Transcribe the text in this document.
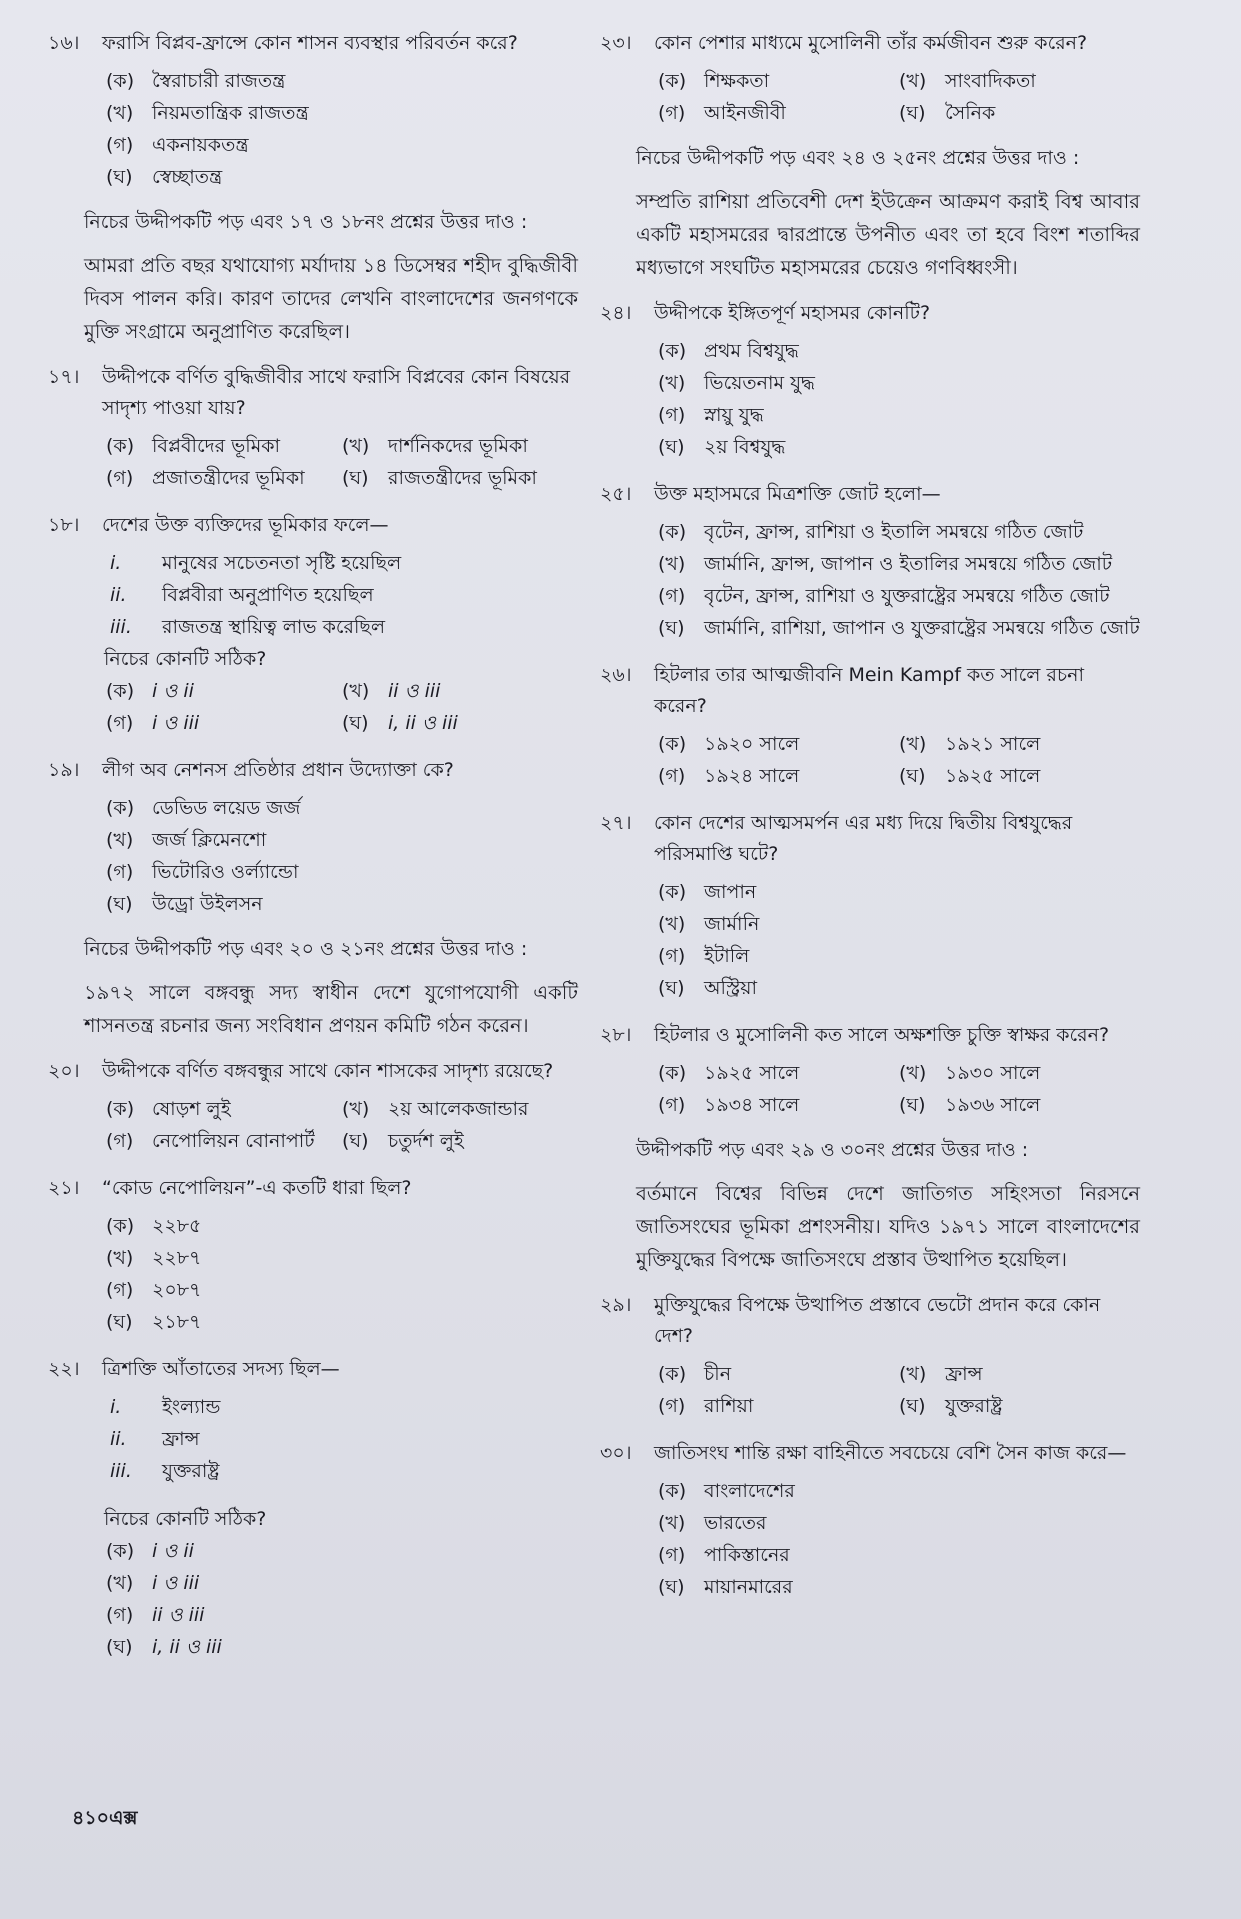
১৬।	ফরাসি বিপ্লব-ফ্রান্সে কোন শাসন ব্যবস্থার পরিবর্তন করে?
(ক) স্বৈরাচারী রাজতন্ত্র
(খ) নিয়মতান্ত্রিক রাজতন্ত্র
(গ) একনায়কতন্ত্র
(ঘ)	স্বেচ্ছাতন্ত্র
নিচের উদ্দীপকটি পড় এবং ১৭ ও ১৮নং প্রশ্নের উত্তর দাও :
আমরা প্রতি বছর যথাযোগ্য মর্যাদায় ১৪ ডিসেম্বর শহীদ বুদ্ধিজীবী দিবস পালন করি। কারণ তাদের লেখনি বাংলাদেশের জনগণকে মুক্তি সংগ্রামে অনুপ্রাণিত করেছিল।
১৭।	উদ্দীপকে বর্ণিত বুদ্ধিজীবীর সাথে ফরাসি বিপ্লবের কোন বিষয়ের সাদৃশ্য পাওয়া যায়?
(ক) বিপ্লবীদের ভূমিকা	(খ) দার্শনিকদের ভূমিকা
(গ) প্রজাতন্ত্রীদের ভূমিকা (ঘ)	রাজতন্ত্রীদের ভূমিকা
১৮।	দেশের উক্ত ব্যক্তিদের ভূমিকার ফলে—
i.	মানুষের সচেতনতা সৃষ্টি হয়েছিল
ii.	বিপ্লবীরা অনুপ্রাণিত হয়েছিল
iii.	রাজতন্ত্র স্থায়িত্ব লাভ করেছিল
নিচের কোনটি সঠিক?
(ক) i ও ii	(খ) ii ও iii
(গ) i ও iii	(ঘ)	i, ii ও iii
১৯।	লীগ অব নেশনস প্রতিষ্ঠার প্রধান উদ্যোক্তা কে?
(ক) ডেভিড লয়েড জর্জ
(খ) জর্জ ক্লিমেনশো
(গ) ভিটোরিও ওর্ল্যান্ডো
(ঘ)	উড্রো উইলসন
নিচের উদ্দীপকটি পড় এবং ২০ ও ২১নং প্রশ্নের উত্তর দাও :
১৯৭২ সালে বঙ্গবন্ধু সদ্য স্বাধীন দেশে যুগোপযোগী একটি শাসনতন্ত্র রচনার জন্য সংবিধান প্রণয়ন কমিটি গঠন করেন।
২০।	উদ্দীপকে বর্ণিত বঙ্গবন্ধুর সাথে কোন শাসকের সাদৃশ্য রয়েছে?
(ক) ষোড়শ লুই	(খ) ২য় আলেকজান্ডার
(গ) নেপোলিয়ন বোনাপার্ট (ঘ)	চতুর্দশ লুই
২১।	“কোড নেপোলিয়ন”-এ কতটি ধারা ছিল?
(ক) ২২৮৫
(খ) ২২৮৭
(গ) ২০৮৭
(ঘ)	২১৮৭
২২।	ত্রিশক্তি আঁতাতের সদস্য ছিল—
i.	ইংল্যান্ড
ii.	ফ্রান্স
iii.	যুক্তরাষ্ট্র
নিচের কোনটি সঠিক?
(ক) i ও ii
(খ) i ও iii
(গ) ii ও iii
(ঘ)	i, ii ও iii
২৩।	কোন পেশার মাধ্যমে মুসোলিনী তাঁর কর্মজীবন শুরু করেন?
(ক) শিক্ষকতা	(খ) সাংবাদিকতা
(গ) আইনজীবী	(ঘ)	সৈনিক
নিচের উদ্দীপকটি পড় এবং ২৪ ও ২৫নং প্রশ্নের উত্তর দাও :
সম্প্রতি রাশিয়া প্রতিবেশী দেশ ইউক্রেন আক্রমণ করাই বিশ্ব আবার একটি মহাসমরের দ্বারপ্রান্তে উপনীত এবং তা হবে বিংশ শতাব্দির মধ্যভাগে সংঘটিত মহাসমরের চেয়েও গণবিধ্বংসী।
২৪।	উদ্দীপকে ইঙ্গিতপূর্ণ মহাসমর কোনটি?
(ক) প্রথম বিশ্বযুদ্ধ
(খ) ভিয়েতনাম যুদ্ধ
(গ) স্নায়ু যুদ্ধ
(ঘ)	২য় বিশ্বযুদ্ধ
২৫।	উক্ত মহাসমরে মিত্রশক্তি জোট হলো—
(ক) বৃটেন, ফ্রান্স, রাশিয়া ও ইতালি সমন্বয়ে গঠিত জোট
(খ) জার্মানি, ফ্রান্স, জাপান ও ইতালির সমন্বয়ে গঠিত জোট
(গ) বৃটেন, ফ্রান্স, রাশিয়া ও যুক্তরাষ্ট্রের সমন্বয়ে গঠিত জোট
(ঘ)	জার্মানি, রাশিয়া, জাপান ও যুক্তরাষ্ট্রের সমন্বয়ে গঠিত জোট
২৬।	হিটলার তার আত্মজীবনি Mein Kampf কত সালে রচনা করেন?
(ক) ১৯২০ সালে	(খ) ১৯২১ সালে
(গ) ১৯২৪ সালে	(ঘ)	১৯২৫ সালে
২৭।	কোন দেশের আত্মসমর্পন এর মধ্য দিয়ে দ্বিতীয় বিশ্বযুদ্ধের পরিসমাপ্তি ঘটে?
(ক) জাপান
(খ) জার্মানি
(গ) ইটালি
(ঘ)	অস্ট্রিয়া
২৮।	হিটলার ও মুসোলিনী কত সালে অক্ষশক্তি চুক্তি স্বাক্ষর করেন?
(ক) ১৯২৫ সালে	(খ) ১৯৩০ সালে
(গ) ১৯৩৪ সালে	(ঘ)	১৯৩৬ সালে
উদ্দীপকটি পড় এবং ২৯ ও ৩০নং প্রশ্নের উত্তর দাও :
বর্তমানে বিশ্বের বিভিন্ন দেশে জাতিগত সহিংসতা নিরসনে জাতিসংঘের ভূমিকা প্রশংসনীয়। যদিও ১৯৭১ সালে বাংলাদেশের মুক্তিযুদ্ধের বিপক্ষে জাতিসংঘে প্রস্তাব উত্থাপিত হয়েছিল।
২৯।	মুক্তিযুদ্ধের বিপক্ষে উত্থাপিত প্রস্তাবে ভেটো প্রদান করে কোন দেশ?
(ক) চীন	(খ) ফ্রান্স
(গ) রাশিয়া	(ঘ)	যুক্তরাষ্ট্র
৩০।	জাতিসংঘ শান্তি রক্ষা বাহিনীতে সবচেয়ে বেশি সৈন কাজ করে—
(ক) বাংলাদেশের
(খ) ভারতের
(গ) পাকিস্তানের
(ঘ)	মায়ানমারের
৪১০এক্স
